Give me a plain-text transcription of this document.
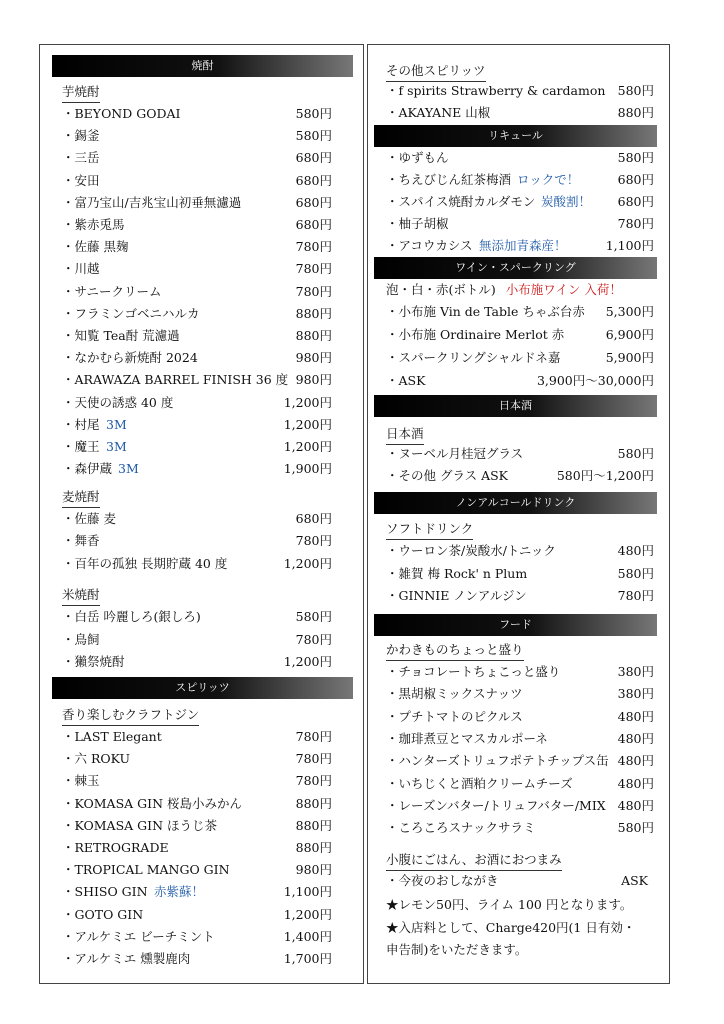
焼酎
芋焼酎
麦焼酎
米焼酎
スピリッツ
香り楽しむクラフトジン
・BEYOND GODAI	580円
・錫釜	580円
・三岳	680円
・安田	680円
・富乃宝山/吉兆宝山初垂無濾過	680円
・紫赤兎馬	680円
・佐藤 黒麹	780円
・川越	780円
・サニークリーム	780円
・フラミンゴベニハルカ	880円
・知覧 Tea酎 荒濾過	880円
・なかむら新焼酎 2024	980円
・ARAWAZA BARREL FINISH 36 度 980円
・天使の誘惑 40 度	1,200円
・村尾 3M	1,200円
・魔王 3M	1,200円
・森伊蔵 3M	1,900円
・佐藤 麦	680円
・舞香	780円
・百年の孤独 長期貯蔵 40 度	1,200円
・白岳 吟麗しろ(銀しろ)	580円
・鳥飼	780円
・獺祭焼酎	1,200円
・LAST Elegant	780円
・六 ROKU	780円
・棘玉	780円
・KOMASA GIN 桜島小みかん	880円
・KOMASA GIN ほうじ茶	880円
・RETROGRADE	880円
・TROPICAL MANGO GIN	980円
・SHISO GIN 赤紫蘇！	1,100円
・GOTO GIN	1,200円
・アルケミエ ビーチミント	1,400円
・アルケミエ 燻製鹿肉	1,700円
その他スピリッツ
リキュール
ワイン・スパークリング
泡・白・赤(ボトル) 小布施ワイン 入荷！
日本酒
日本酒
ノンアルコールドリンク
ソフトドリンク
フード
かわきものちょっと盛り
小腹にごはん、お酒におつまみ
★レモン50円、ライム 100 円となります。
★入店料として、Charge420円(1 日有効・
申告制)をいただきます。
・f spirits Strawberry & cardamon 580円
・AKAYANE 山椒	880円
・ゆずもん	580円
・ちえびじん紅茶梅酒 ロックで！	680円
・スパイス焼酎カルダモン 炭酸割！ 680円
・柚子胡椒	780円
・アコウカシス 無添加青森産！	1,100円
・小布施 Vin de Table ちゃぶ台赤 5,300円
・小布施 Ordinaire Merlot 赤	6,900円
・スパークリングシャルドネ嘉	5,900円
・ASK	3,900円～30,000円
・ヌーベル月桂冠グラス	580円
・その他 グラス ASK	580円～1,200円
・ウーロン茶/炭酸水/トニック	480円
・雑賀 梅 Rock' n Plum	580円
・GINNIE ノンアルジン	780円
・チョコレートちょこっと盛り	380円
・黒胡椒ミックスナッツ	380円
・プチトマトのピクルス	480円
・珈琲煮豆とマスカルポーネ	480円
・ハンターズトリュフポテトチップス缶 480円
・いちじくと酒粕クリームチーズ	480円
・レーズンバター/トリュフバター/MIX 480円
・ころころスナックサラミ	580円
・今夜のおしながき	ASK
